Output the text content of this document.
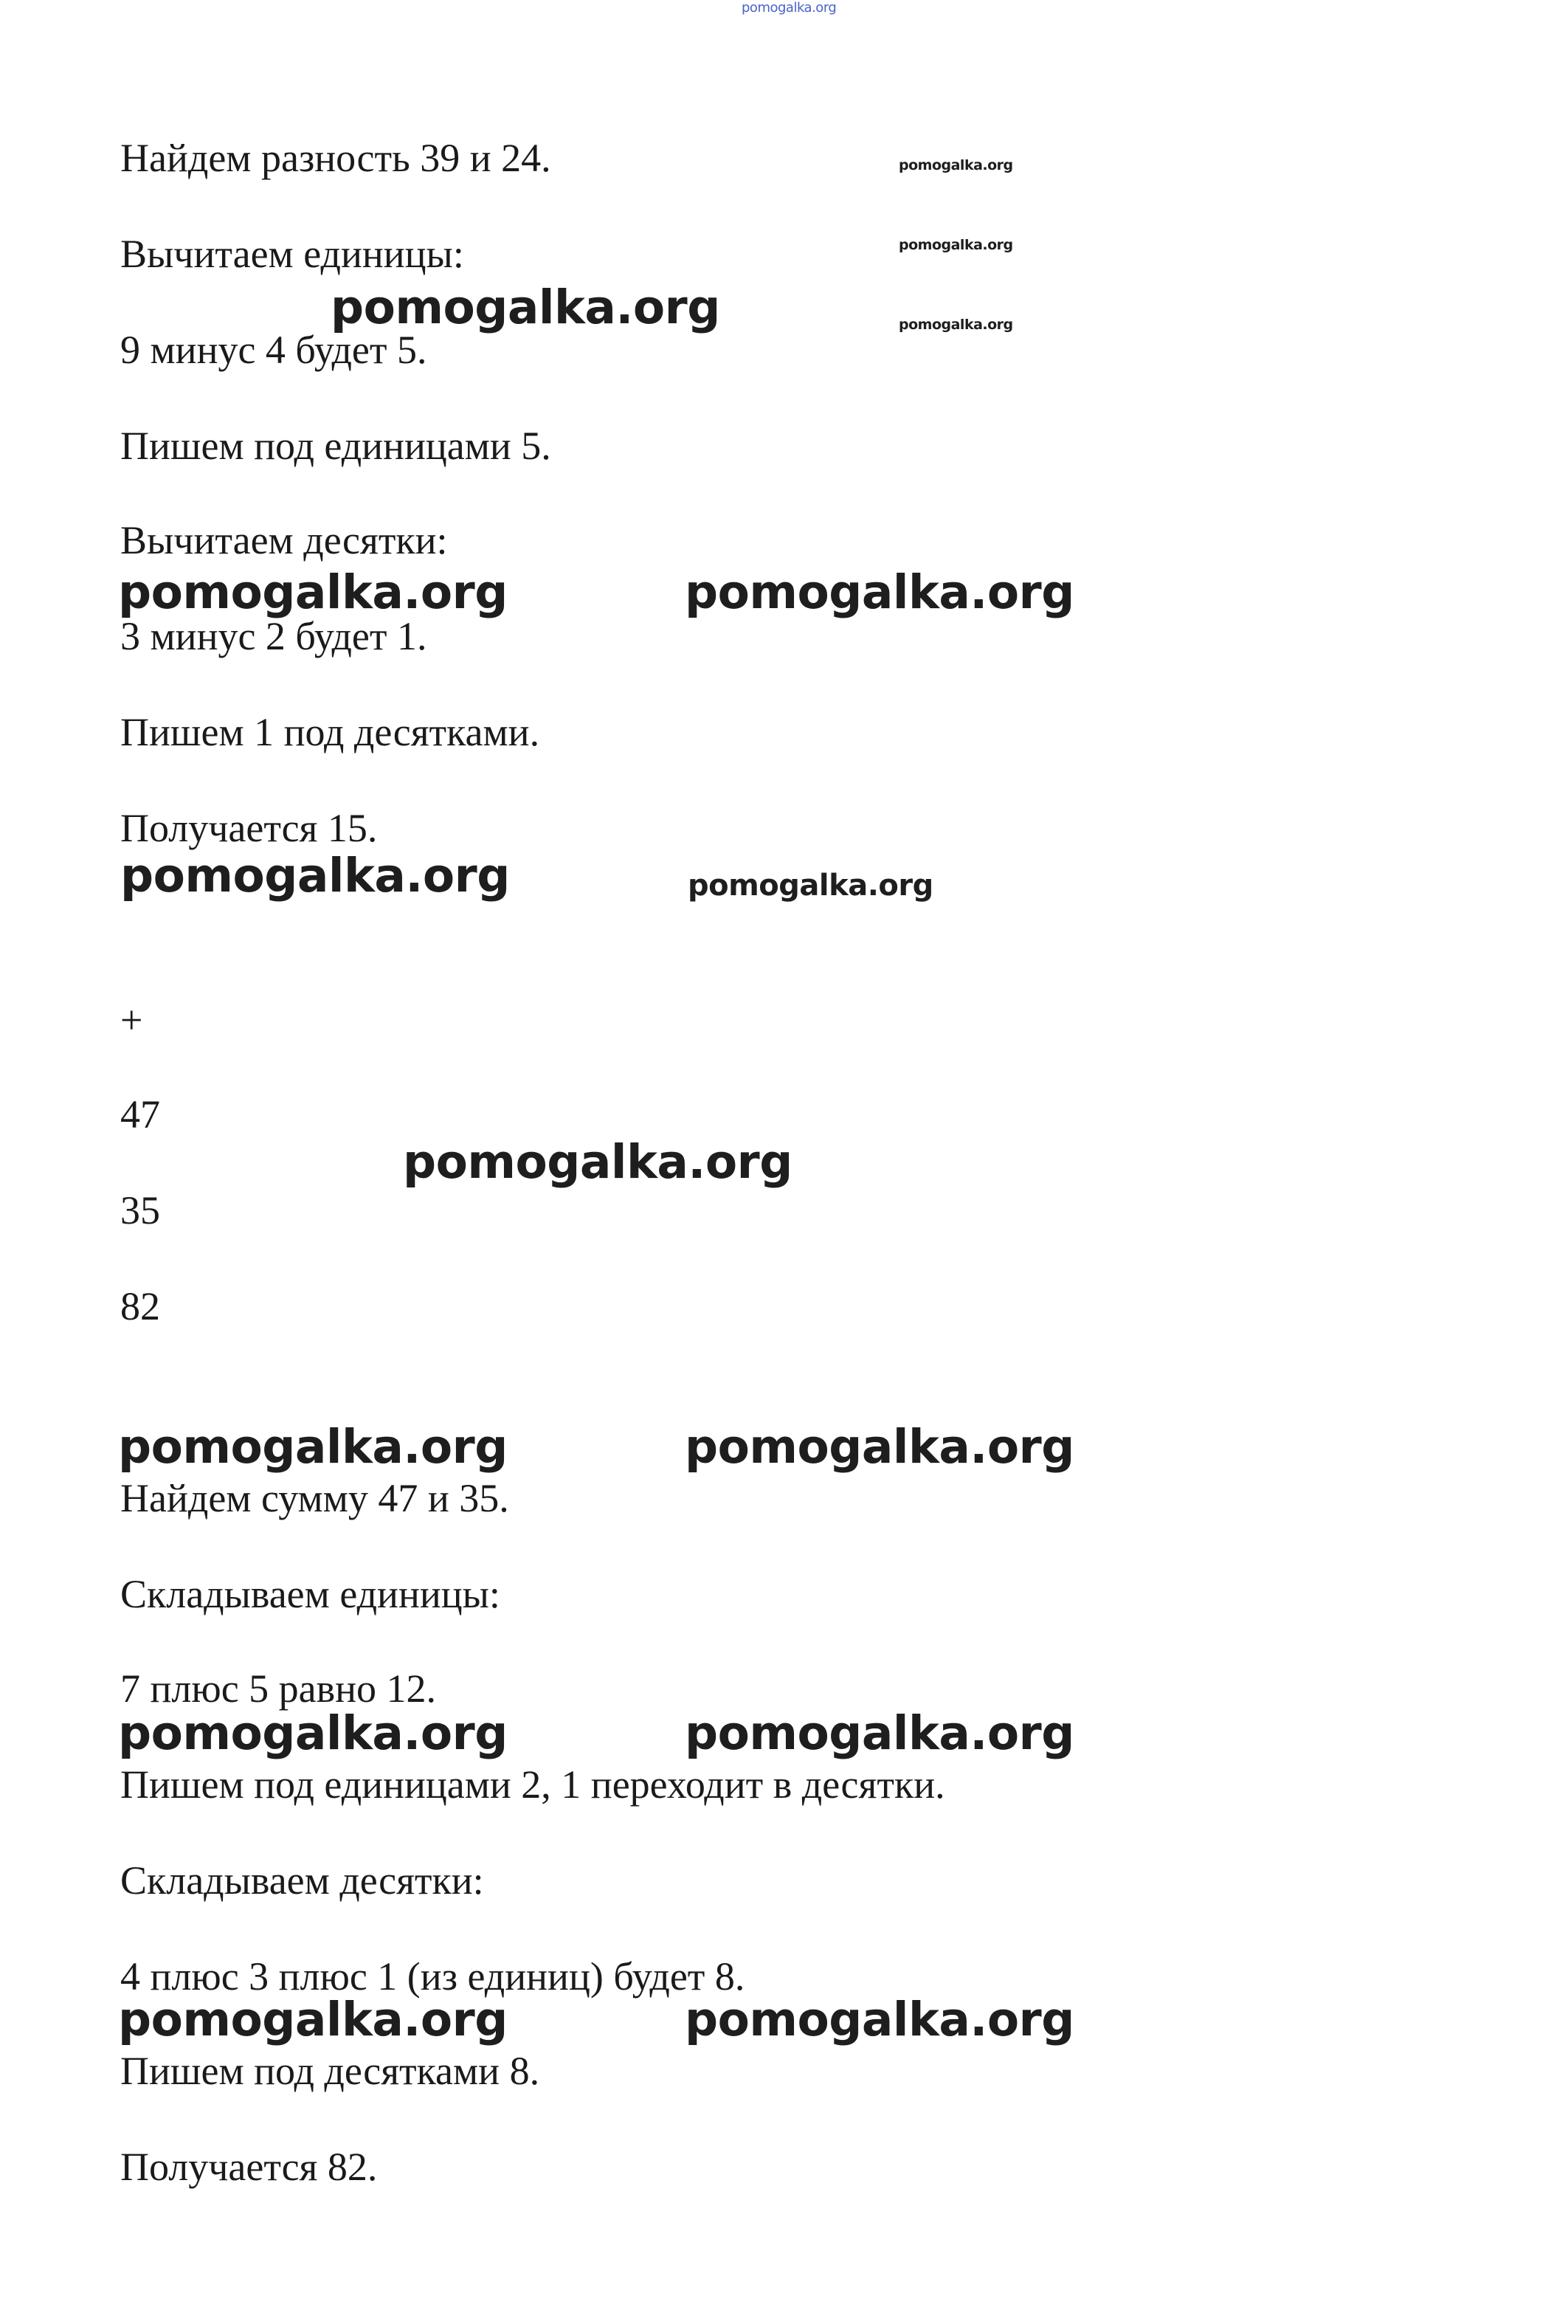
pomogalka.org

Найдем разность 39 и 24.

Вычитаем единицы:

9 минус 4 будет 5.

Пишем под единицами 5.

Вычитаем десятки:

3 минус 2 будет 1.

Пишем 1 под десятками.

Получается 15.

+

47

35

82

Найдем сумму 47 и 35.

Складываем единицы:

7 плюс 5 равно 12.

Пишем под единицами 2, 1 переходит в десятки.

Складываем десятки:

4 плюс 3 плюс 1 (из единиц) будет 8.

Пишем под десятками 8.

Получается 82.

pomogalka.org
pomogalka.org
pomogalka.org
pomogalka.org
pomogalka.org	pomogalka.org
pomogalka.org	pomogalka.org
pomogalka.org
pomogalka.org	pomogalka.org
pomogalka.org	pomogalka.org
pomogalka.org	pomogalka.org
